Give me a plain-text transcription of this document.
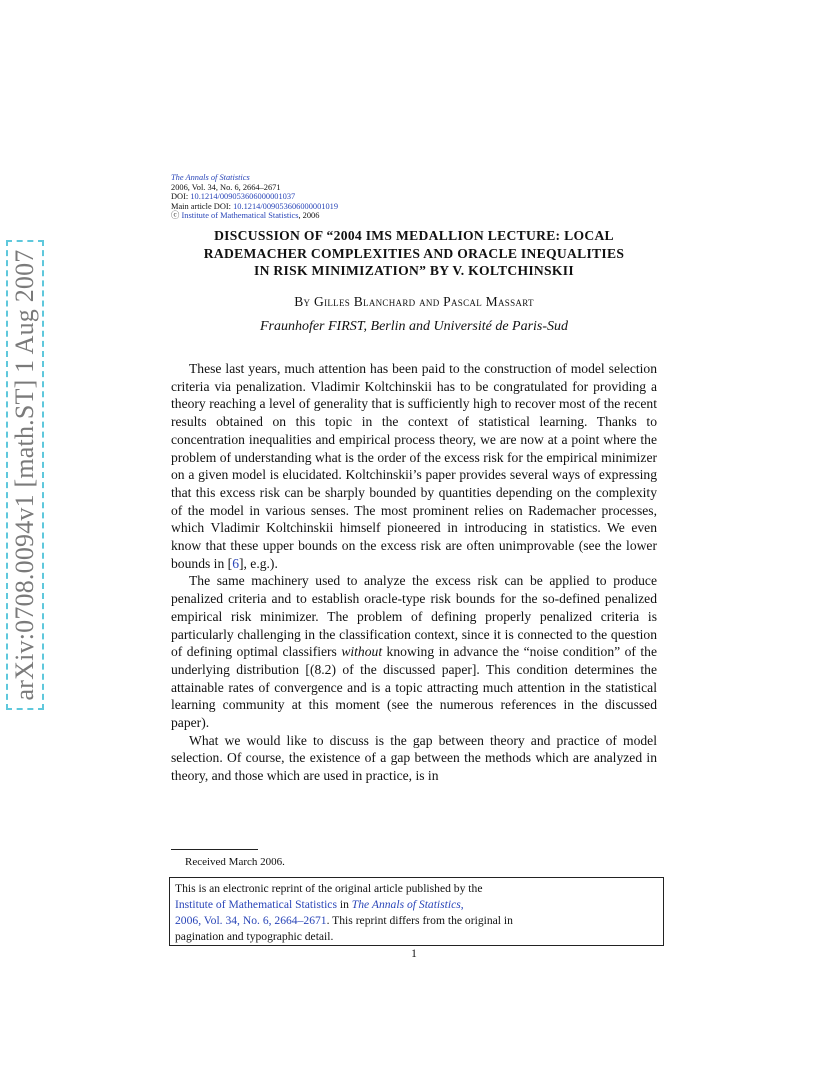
arXiv:0708.0094v1 [math.ST] 1 Aug 2007
The Annals of Statistics
2006, Vol. 34, No. 6, 2664–2671
DOI: 10.1214/009053606000001037
Main article DOI: 10.1214/009053606000001019
ⓒ Institute of Mathematical Statistics, 2006
DISCUSSION OF “2004 IMS MEDALLION LECTURE: LOCAL
RADEMACHER COMPLEXITIES AND ORACLE INEQUALITIES
IN RISK MINIMIZATION” BY V. KOLTCHINSKII
By Gilles Blanchard and Pascal Massart
Fraunhofer FIRST, Berlin and Université de Paris-Sud

These last years, much attention has been paid to the construction of model selection criteria via penalization. Vladimir Koltchinskii has to be congratulated for providing a theory reaching a level of generality that is sufficiently high to recover most of the recent results obtained on this topic in the context of statistical learning. Thanks to concentration inequalities and empirical process theory, we are now at a point where the problem of understanding what is the order of the excess risk for the empirical minimizer on a given model is elucidated. Koltchinskii’s paper provides several ways of expressing that this excess risk can be sharply bounded by quantities depending on the complexity of the model in various senses. The most prominent relies on Rademacher processes, which Vladimir Koltchinskii himself pioneered in introducing in statistics. We even know that these upper bounds on the excess risk are often unimprovable (see the lower bounds in [6], e.g.).

The same machinery used to analyze the excess risk can be applied to produce penalized criteria and to establish oracle-type risk bounds for the so-defined penalized empirical risk minimizer. The problem of defining properly penalized criteria is particularly challenging in the classification context, since it is connected to the question of defining optimal classifiers without knowing in advance the “noise condition” of the underlying distribution [(8.2) of the discussed paper]. This condition determines the attainable rates of convergence and is a topic attracting much attention in the statistical learning community at this moment (see the numerous references in the discussed paper).

What we would like to discuss is the gap between theory and practice of model selection. Of course, the existence of a gap between the methods which are analyzed in theory, and those which are used in practice, is in

Received March 2006.
This is an electronic reprint of the original article published by the
Institute of Mathematical Statistics in The Annals of Statistics,
2006, Vol. 34, No. 6, 2664–2671. This reprint differs from the original in
pagination and typographic detail.
1
